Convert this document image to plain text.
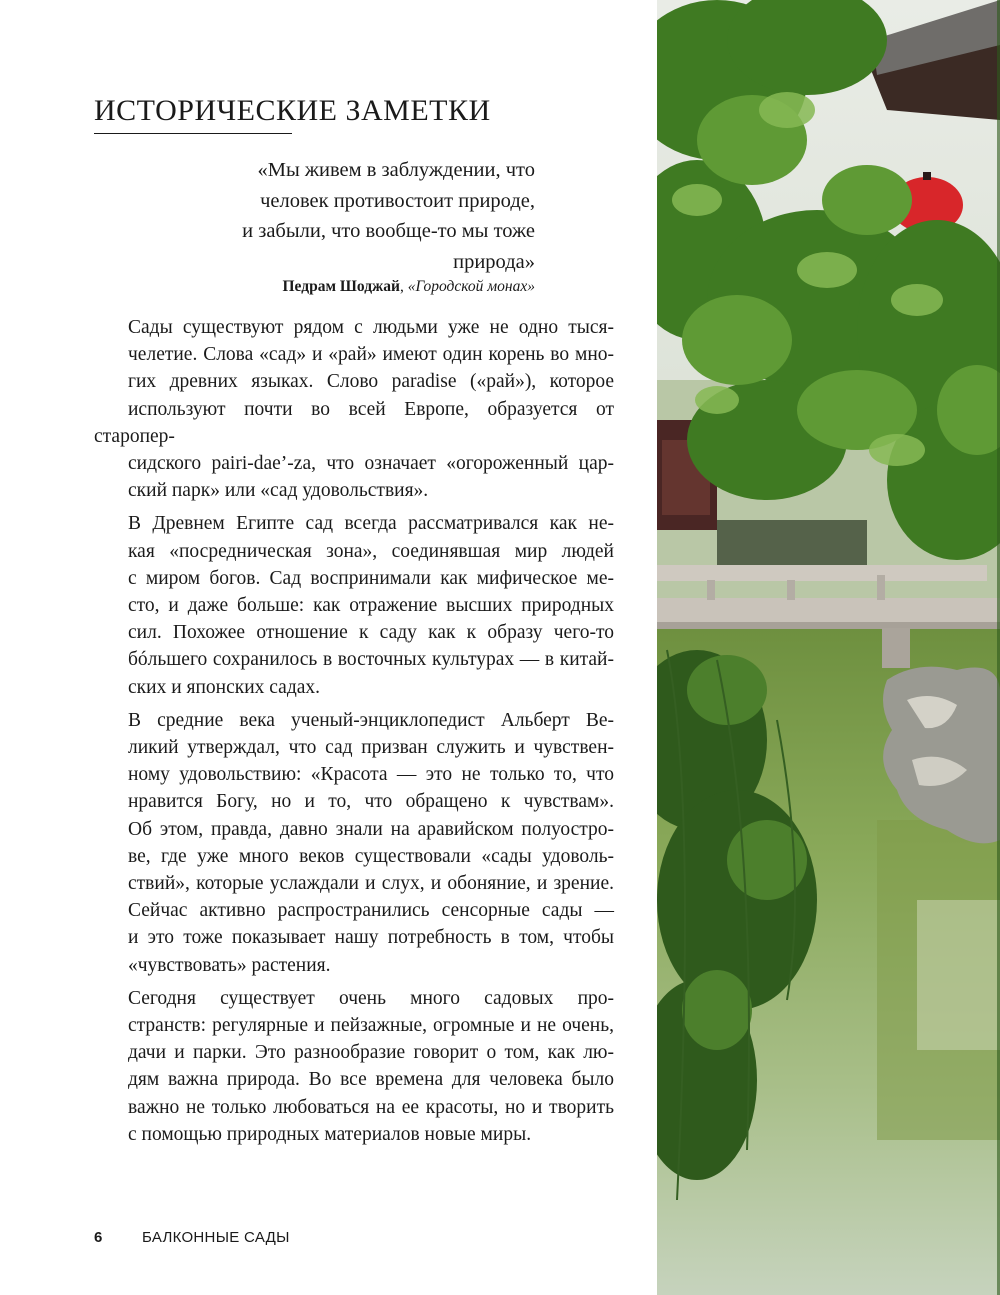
ИСТОРИЧЕСКИЕ ЗАМЕТКИ
«Мы живем в заблуждении, что
человек противостоит природе,
и забыли, что вообще-то мы тоже
природа»
Педрам Шоджай, «Городской монах»

Сады существуют рядом с людьми уже не одно тыся-
челетие. Слова «сад» и «рай» имеют один корень во мно-
гих древних языках. Слово paradise («рай»), которое
используют почти во всей Европе, образуется от старопер-
сидского pairi-dae’-za, что означает «огороженный цар-
ский парк» или «сад удовольствия».

В Древнем Египте сад всегда рассматривался как не-
кая «посредническая зона», соединявшая мир людей
с миром богов. Сад воспринимали как мифическое ме-
сто, и даже больше: как отражение высших природных
сил. Похожее отношение к саду как к образу чего-то
бóльшего сохранилось в восточных культурах — в китай-
ских и японских садах.

В средние века ученый-энциклопедист Альберт Ве-
ликий утверждал, что сад призван служить и чувствен-
ному удовольствию: «Красота — это не только то, что
нравится Богу, но и то, что обращено к чувствам».
Об этом, правда, давно знали на аравийском полуостро-
ве, где уже много веков существовали «сады удоволь-
ствий», которые услаждали и слух, и обоняние, и зрение.
Сейчас активно распространились сенсорные сады —
и это тоже показывает нашу потребность в том, чтобы
«чувствовать» растения.

Сегодня существует очень много садовых про-
странств: регулярные и пейзажные, огромные и не очень,
дачи и парки. Это разнообразие говорит о том, как лю-
дям важна природа. Во все времена для человека было
важно не только любоваться на ее красоты, но и творить
с помощью природных материалов новые миры.

6	БАЛКОННЫЕ САДЫ
